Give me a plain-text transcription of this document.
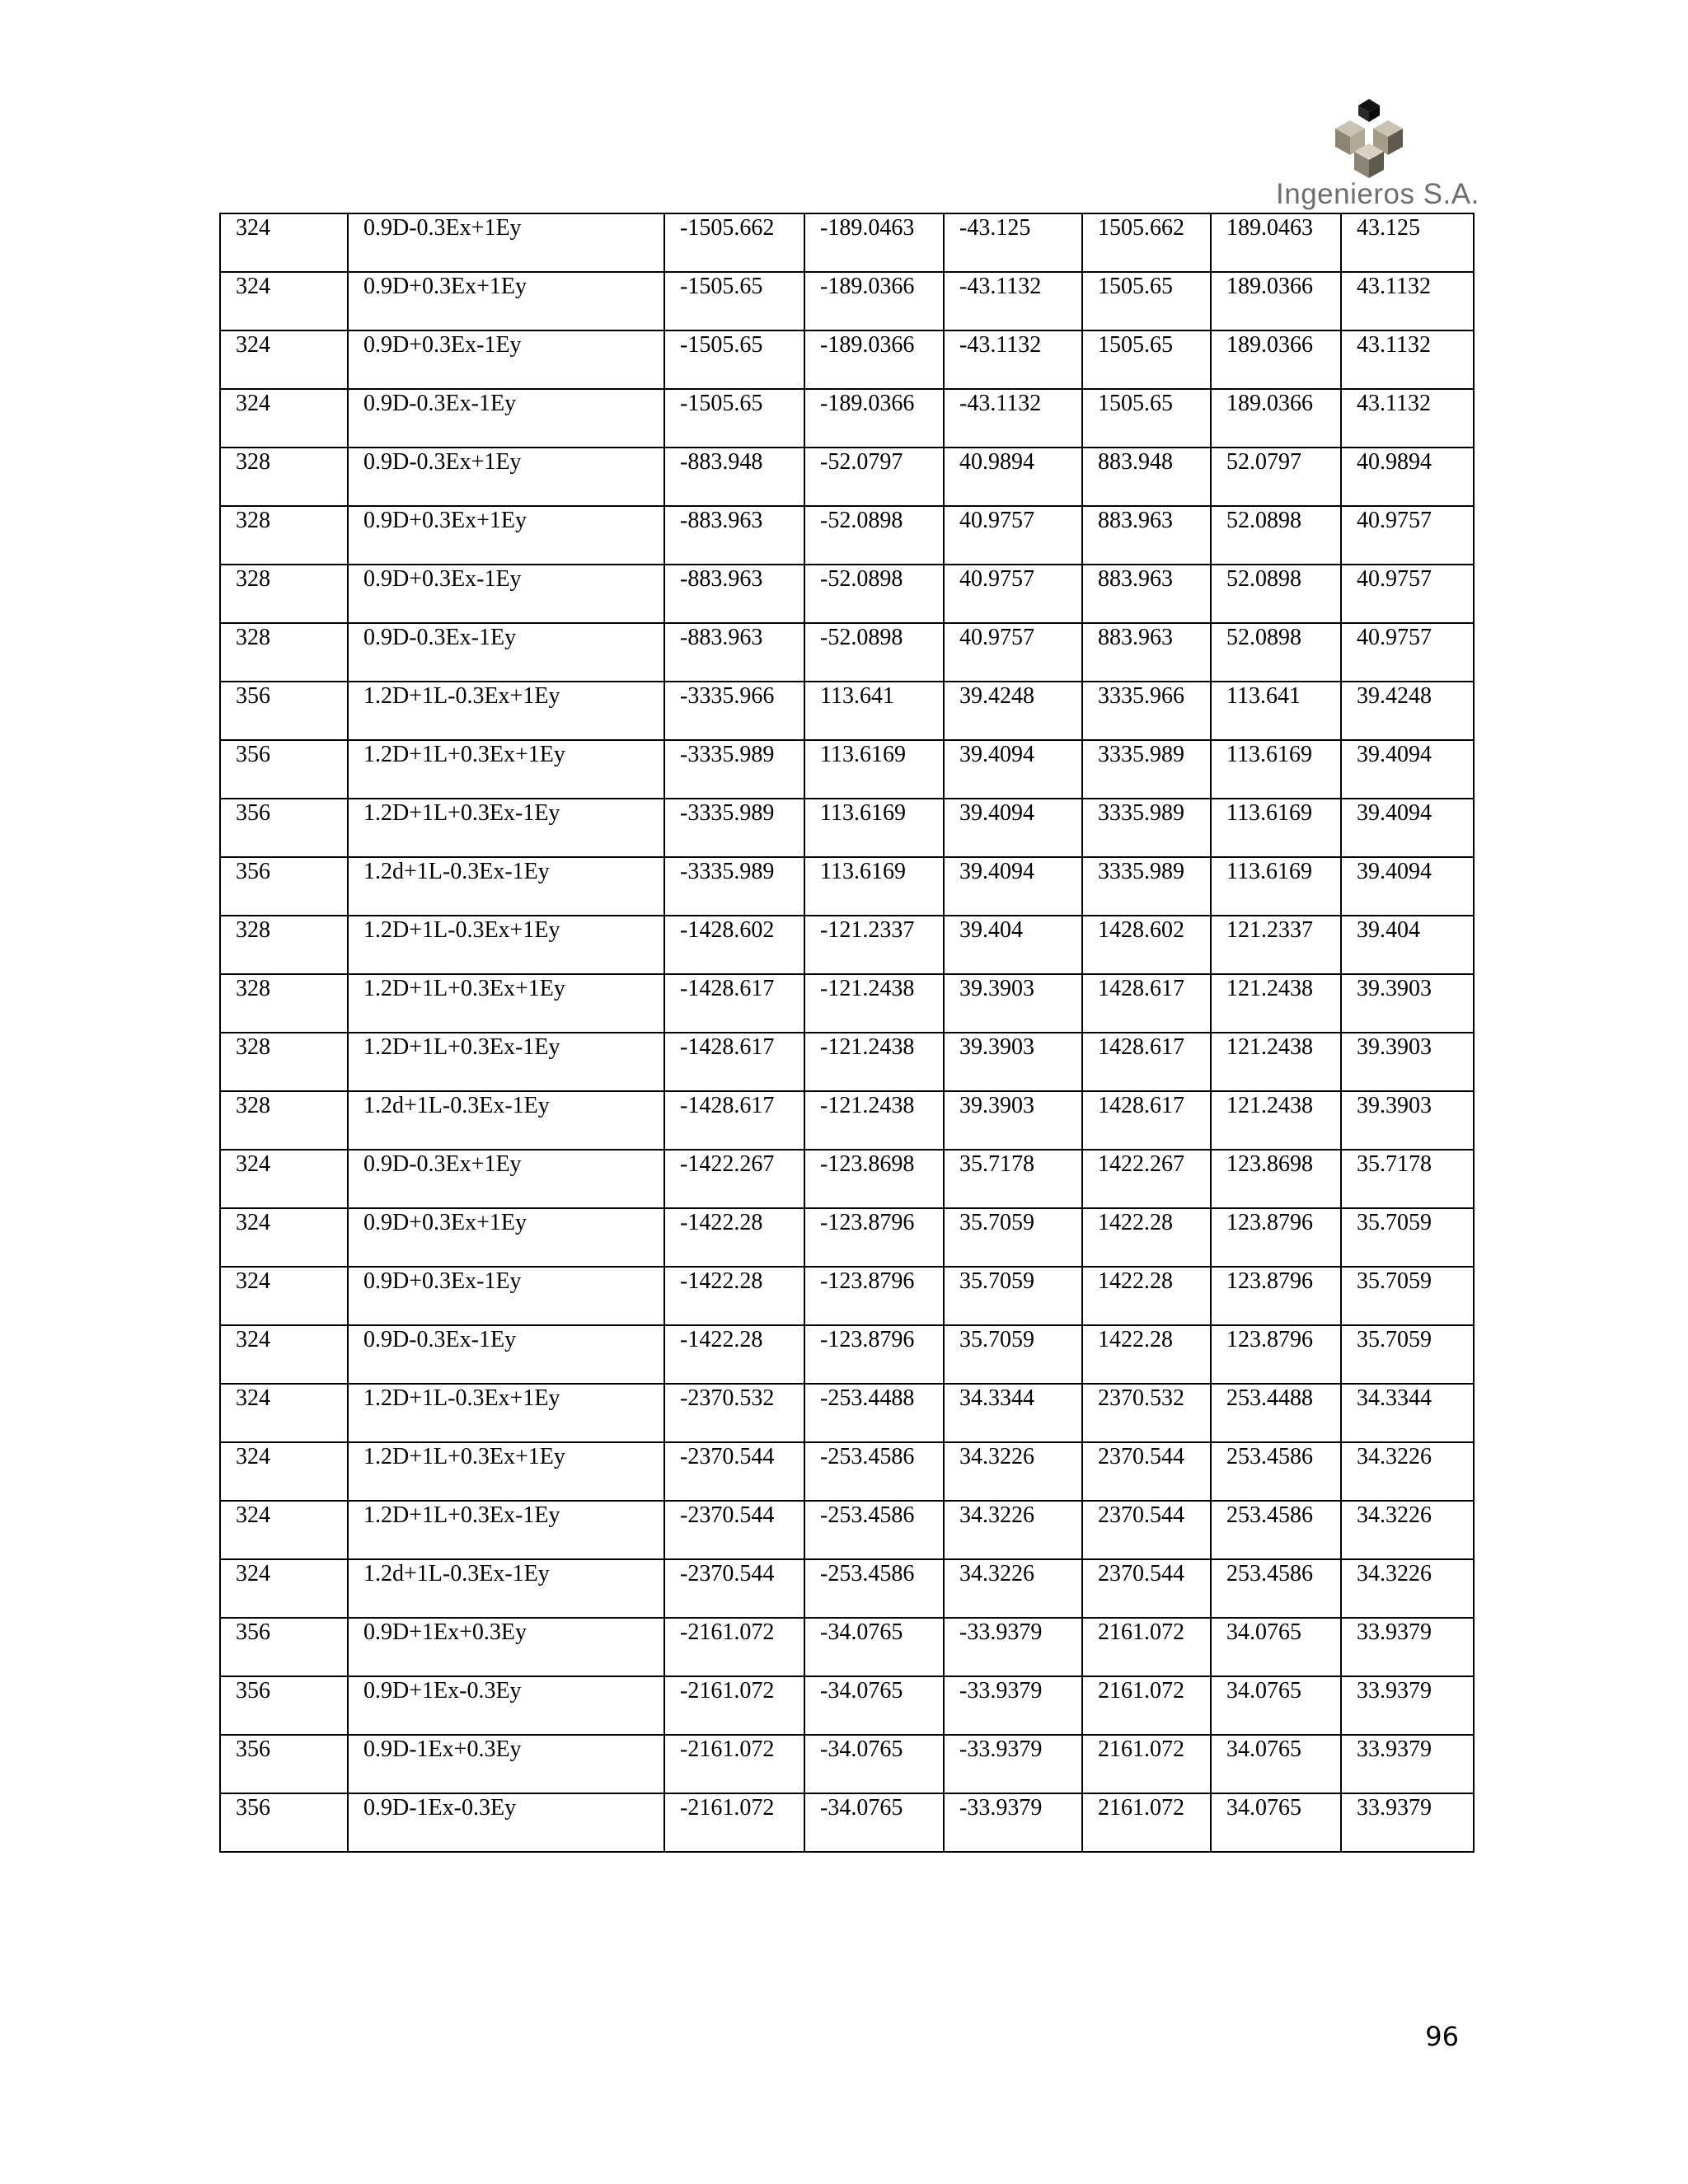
Ingenieros S.A.
324	0.9D-0.3Ex+1Ey	-1505.662	-189.0463	-43.125	1505.662	189.0463	43.125
324	0.9D+0.3Ex+1Ey	-1505.65	-189.0366	-43.1132	1505.65	189.0366	43.1132
324	0.9D+0.3Ex-1Ey	-1505.65	-189.0366	-43.1132	1505.65	189.0366	43.1132
324	0.9D-0.3Ex-1Ey	-1505.65	-189.0366	-43.1132	1505.65	189.0366	43.1132
328	0.9D-0.3Ex+1Ey	-883.948	-52.0797	40.9894	883.948	52.0797	40.9894
328	0.9D+0.3Ex+1Ey	-883.963	-52.0898	40.9757	883.963	52.0898	40.9757
328	0.9D+0.3Ex-1Ey	-883.963	-52.0898	40.9757	883.963	52.0898	40.9757
328	0.9D-0.3Ex-1Ey	-883.963	-52.0898	40.9757	883.963	52.0898	40.9757
356	1.2D+1L-0.3Ex+1Ey	-3335.966	113.641	39.4248	3335.966	113.641	39.4248
356	1.2D+1L+0.3Ex+1Ey	-3335.989	113.6169	39.4094	3335.989	113.6169	39.4094
356	1.2D+1L+0.3Ex-1Ey	-3335.989	113.6169	39.4094	3335.989	113.6169	39.4094
356	1.2d+1L-0.3Ex-1Ey	-3335.989	113.6169	39.4094	3335.989	113.6169	39.4094
328	1.2D+1L-0.3Ex+1Ey	-1428.602	-121.2337	39.404	1428.602	121.2337	39.404
328	1.2D+1L+0.3Ex+1Ey	-1428.617	-121.2438	39.3903	1428.617	121.2438	39.3903
328	1.2D+1L+0.3Ex-1Ey	-1428.617	-121.2438	39.3903	1428.617	121.2438	39.3903
328	1.2d+1L-0.3Ex-1Ey	-1428.617	-121.2438	39.3903	1428.617	121.2438	39.3903
324	0.9D-0.3Ex+1Ey	-1422.267	-123.8698	35.7178	1422.267	123.8698	35.7178
324	0.9D+0.3Ex+1Ey	-1422.28	-123.8796	35.7059	1422.28	123.8796	35.7059
324	0.9D+0.3Ex-1Ey	-1422.28	-123.8796	35.7059	1422.28	123.8796	35.7059
324	0.9D-0.3Ex-1Ey	-1422.28	-123.8796	35.7059	1422.28	123.8796	35.7059
324	1.2D+1L-0.3Ex+1Ey	-2370.532	-253.4488	34.3344	2370.532	253.4488	34.3344
324	1.2D+1L+0.3Ex+1Ey	-2370.544	-253.4586	34.3226	2370.544	253.4586	34.3226
324	1.2D+1L+0.3Ex-1Ey	-2370.544	-253.4586	34.3226	2370.544	253.4586	34.3226
324	1.2d+1L-0.3Ex-1Ey	-2370.544	-253.4586	34.3226	2370.544	253.4586	34.3226
356	0.9D+1Ex+0.3Ey	-2161.072	-34.0765	-33.9379	2161.072	34.0765	33.9379
356	0.9D+1Ex-0.3Ey	-2161.072	-34.0765	-33.9379	2161.072	34.0765	33.9379
356	0.9D-1Ex+0.3Ey	-2161.072	-34.0765	-33.9379	2161.072	34.0765	33.9379
356	0.9D-1Ex-0.3Ey	-2161.072	-34.0765	-33.9379	2161.072	34.0765	33.9379
96
